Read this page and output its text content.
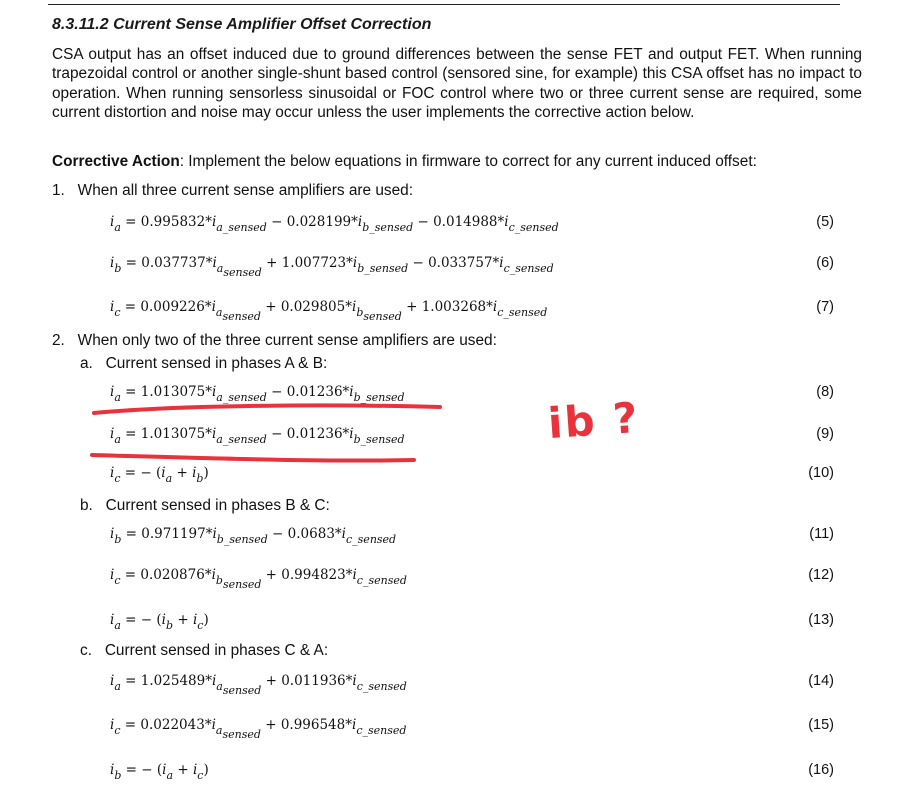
8.3.11.2 Current Sense Amplifier Offset Correction
CSA output has an offset induced due to ground differences between the sense FET and output FET. When running trapezoidal control or another single-shunt based control (sensored sine, for example) this CSA offset has no impact to operation. When running sensorless sinusoidal or FOC control where two or three current sense are required, some current distortion and noise may occur unless the user implements the corrective action below.
Corrective Action: Implement the below equations in firmware to correct for any current induced offset:
1. When all three current sense amplifiers are used:
$i_a = 0.995832*i_{a\_sensed} - 0.028199*i_{b\_sensed} - 0.014988*i_{c\_sensed}$	(5)
$i_b = 0.037737*i_{asensed} + 1.007723*i_{b\_sensed} - 0.033757*i_{c\_sensed}$	(6)
$i_c = 0.009226*i_{asensed} + 0.029805*i_{bsensed} + 1.003268*i_{c\_sensed}$	(7)
$i_a = 1.013075*i_{a\_sensed} - 0.01236*i_{b\_sensed}$	(8)
$i_a = 1.013075*i_{a\_sensed} - 0.01236*i_{b\_sensed}$	(9)
$i_c$ = − $(i_a + i_b)$	(10)
$i_b = 0.971197*i_{b\_sensed} - 0.0683*i_{c\_sensed}$	(11)
$i_c = 0.020876*i_{bsensed} + 0.994823*i_{c\_sensed}$	(12)
$i_a$ = − $(i_b + i_c)$	(13)
$i_a = 1.025489*i_{asensed} + 0.011936*i_{c\_sensed}$	(14)
$i_c = 0.022043*i_{asensed} + 0.996548*i_{c\_sensed}$	(15)
$i_b$ = − $(i_a + i_c)$	(16)
2. When only two of the three current sense amplifiers are used:
a. Current sensed in phases A & B:
b. Current sensed in phases B & C:
c. Current sensed in phases C & A:
ib ?
